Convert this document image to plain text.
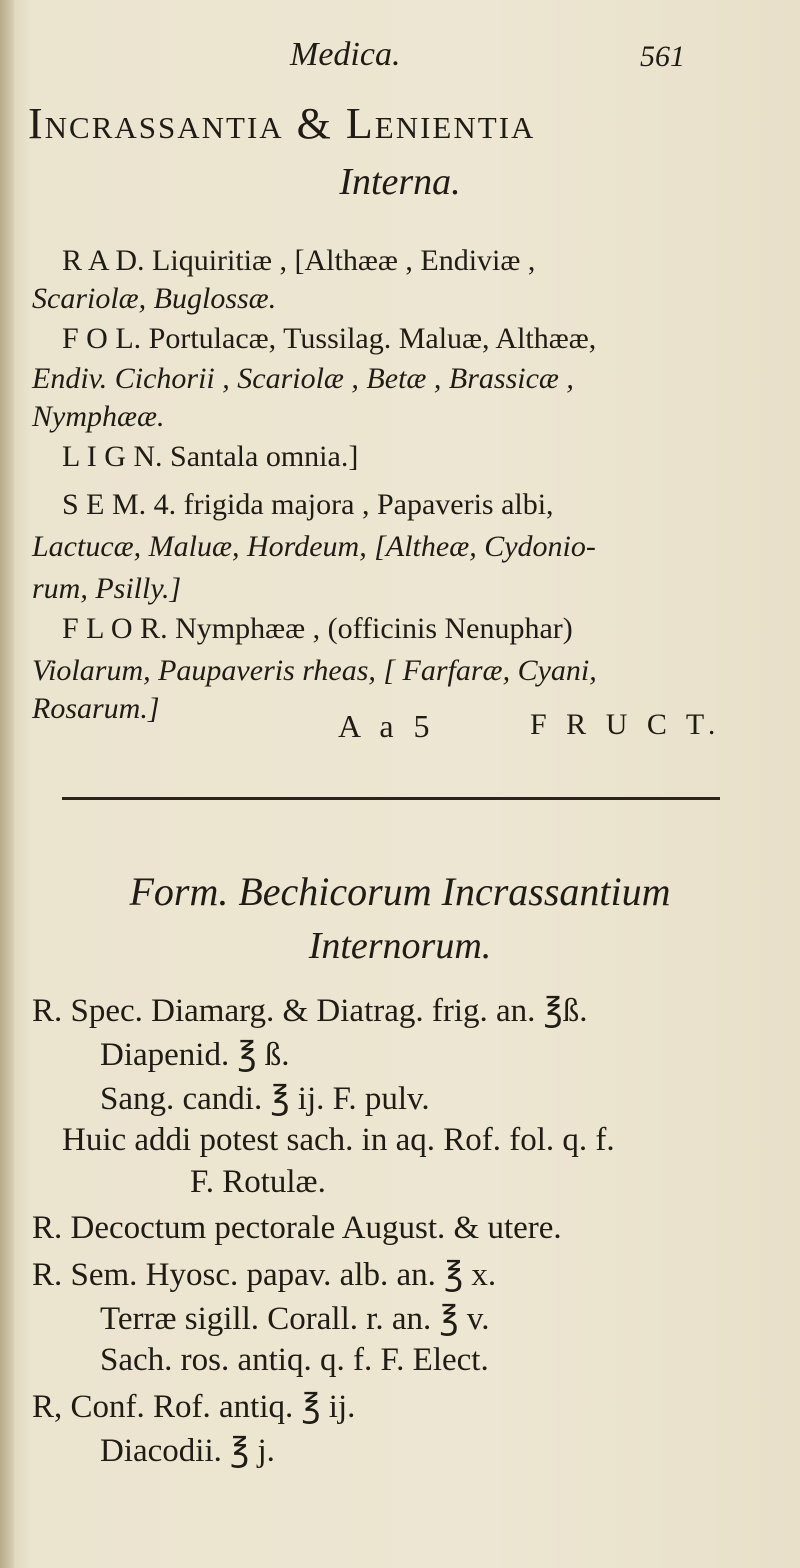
Medica.	561
Incrassantia & Lenientia
Interna.
R A D. Liquiritiæ , [Althææ , Endiviæ ,
Scariolæ, Buglossæ.
F O L. Portulacæ, Tussilag. Maluæ, Althææ,
Endiv. Cichorii , Scariolæ , Betæ , Brassicæ ,
Nymphææ.
L I G N. Santala omnia.]
S E M. 4. frigida majora , Papaveris albi,
Lactucæ, Maluæ, Hordeum, [Altheæ, Cydonio-
rum, Psilly.]
F L O R. Nymphææ , (officinis Nenuphar)
Violarum, Paupaveris rheas, [ Farfaræ, Cyani,
Rosarum.]	A a 5	F R U C T.
Form. Bechicorum Incrassantium
Internorum.
R. Spec. Diamarg. & Diatrag. frig. an. ℥ß.
Diapenid. ℥ ß.
Sang. candi. ℥ ij. F. pulv.
Huic addi potest sach. in aq. Rof. fol. q. f.
F. Rotulæ.
R. Decoctum pectorale August. & utere.
R. Sem. Hyosc. papav. alb. an. ℥ x.
Terræ sigill. Corall. r. an. ℥ v.
Sach. ros. antiq. q. f. F. Elect.
R, Conf. Rof. antiq. ℥ ij.
Diacodii. ℥ j.
